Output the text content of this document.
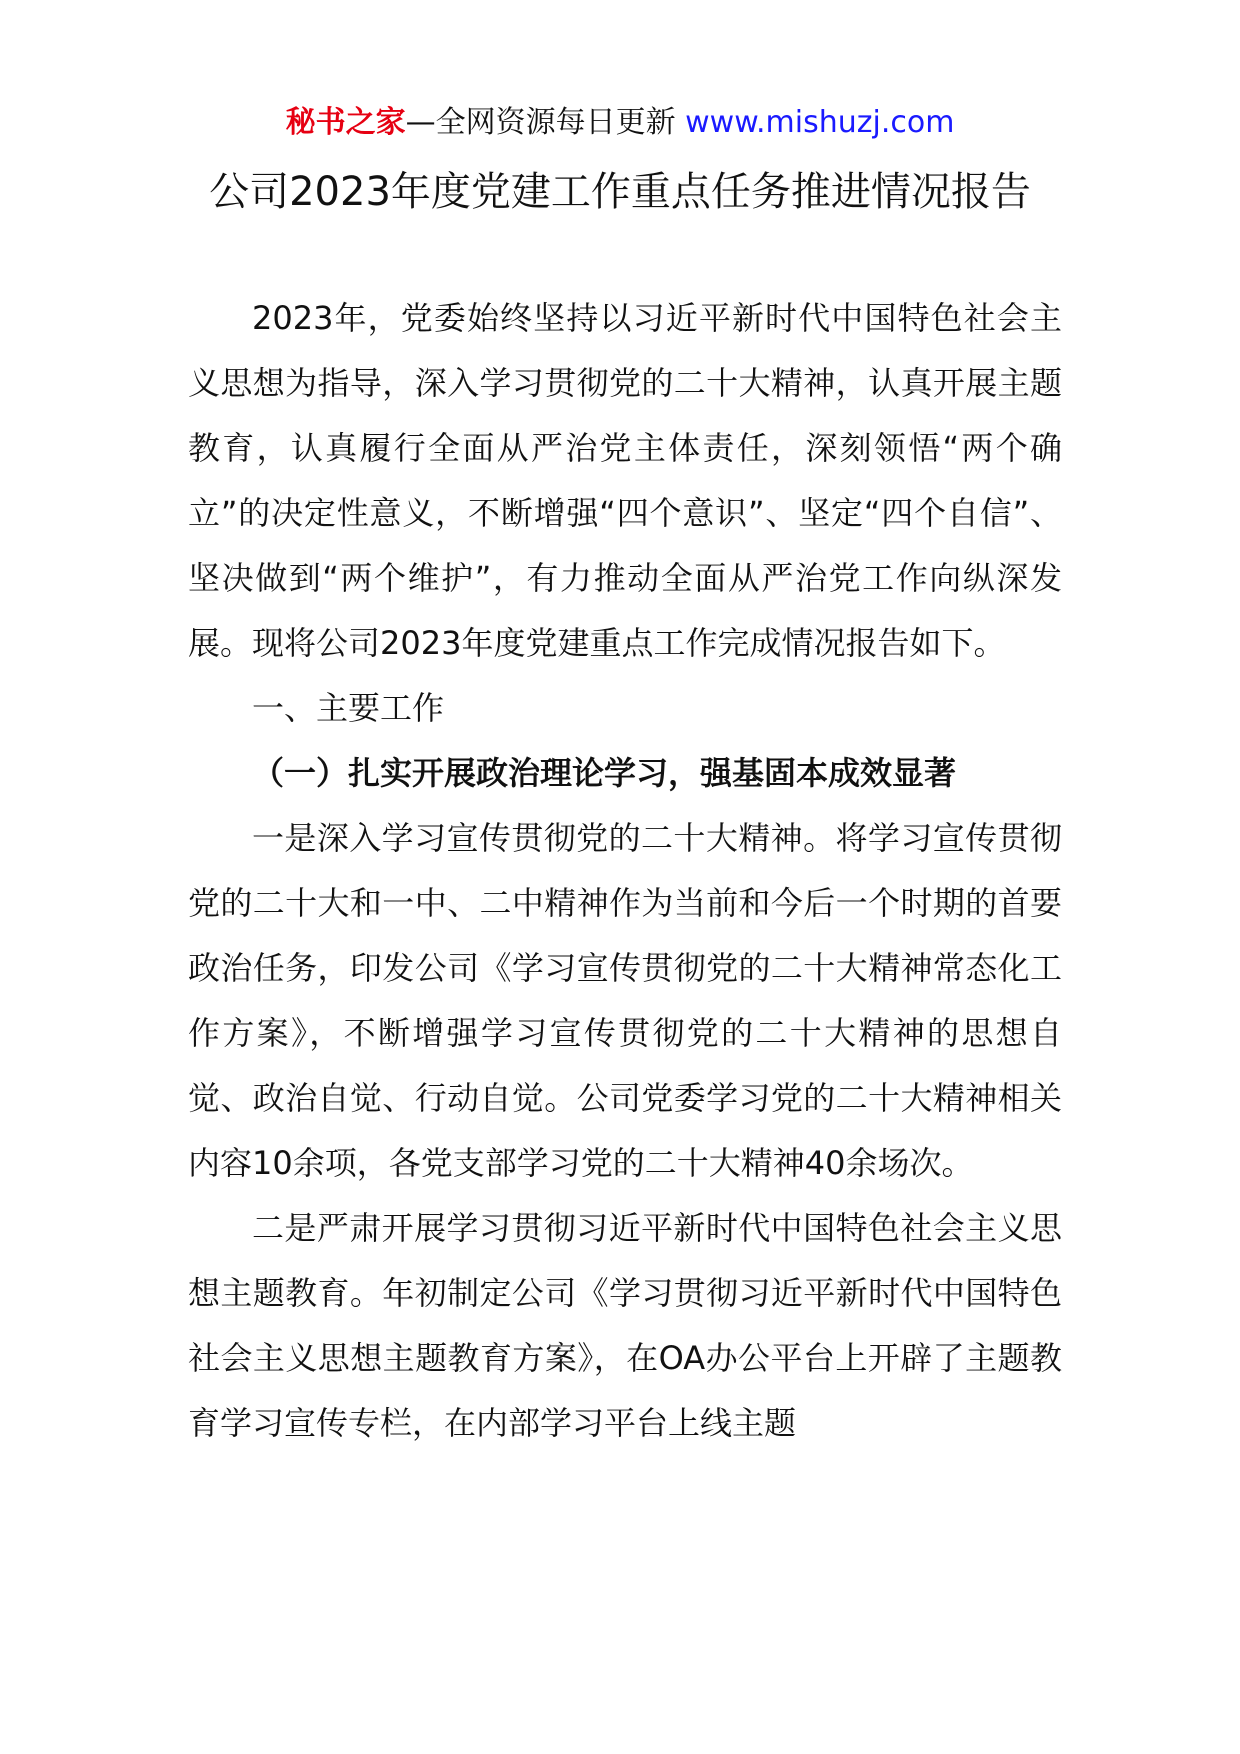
秘书之家—全网资源每日更新 www.mishuzj.com
公司2023年度党建工作重点任务推进情况报告

2023年，党委始终坚持以习近平新时代中国特色社会主义思想为指导，深入学习贯彻党的二十大精神，认真开展主题教育，认真履行全面从严治党主体责任，深刻领悟“两个确立”的决定性意义，不断增强“四个意识”、坚定“四个自信”、坚决做到“两个维护”，有力推动全面从严治党工作向纵深发展。现将公司2023年度党建重点工作完成情况报告如下。

一、主要工作
（一）扎实开展政治理论学习，强基固本成效显著

一是深入学习宣传贯彻党的二十大精神。将学习宣传贯彻党的二十大和一中、二中精神作为当前和今后一个时期的首要政治任务，印发公司《学习宣传贯彻党的二十大精神常态化工作方案》，不断增强学习宣传贯彻党的二十大精神的思想自觉、政治自觉、行动自觉。公司党委学习党的二十大精神相关内容10余项，各党支部学习党的二十大精神40余场次。

二是严肃开展学习贯彻习近平新时代中国特色社会主义思想主题教育。年初制定公司《学习贯彻习近平新时代中国特色社会主义思想主题教育方案》，在OA办公平台上开辟了主题教育学习宣传专栏，在内部学习平台上线主题
